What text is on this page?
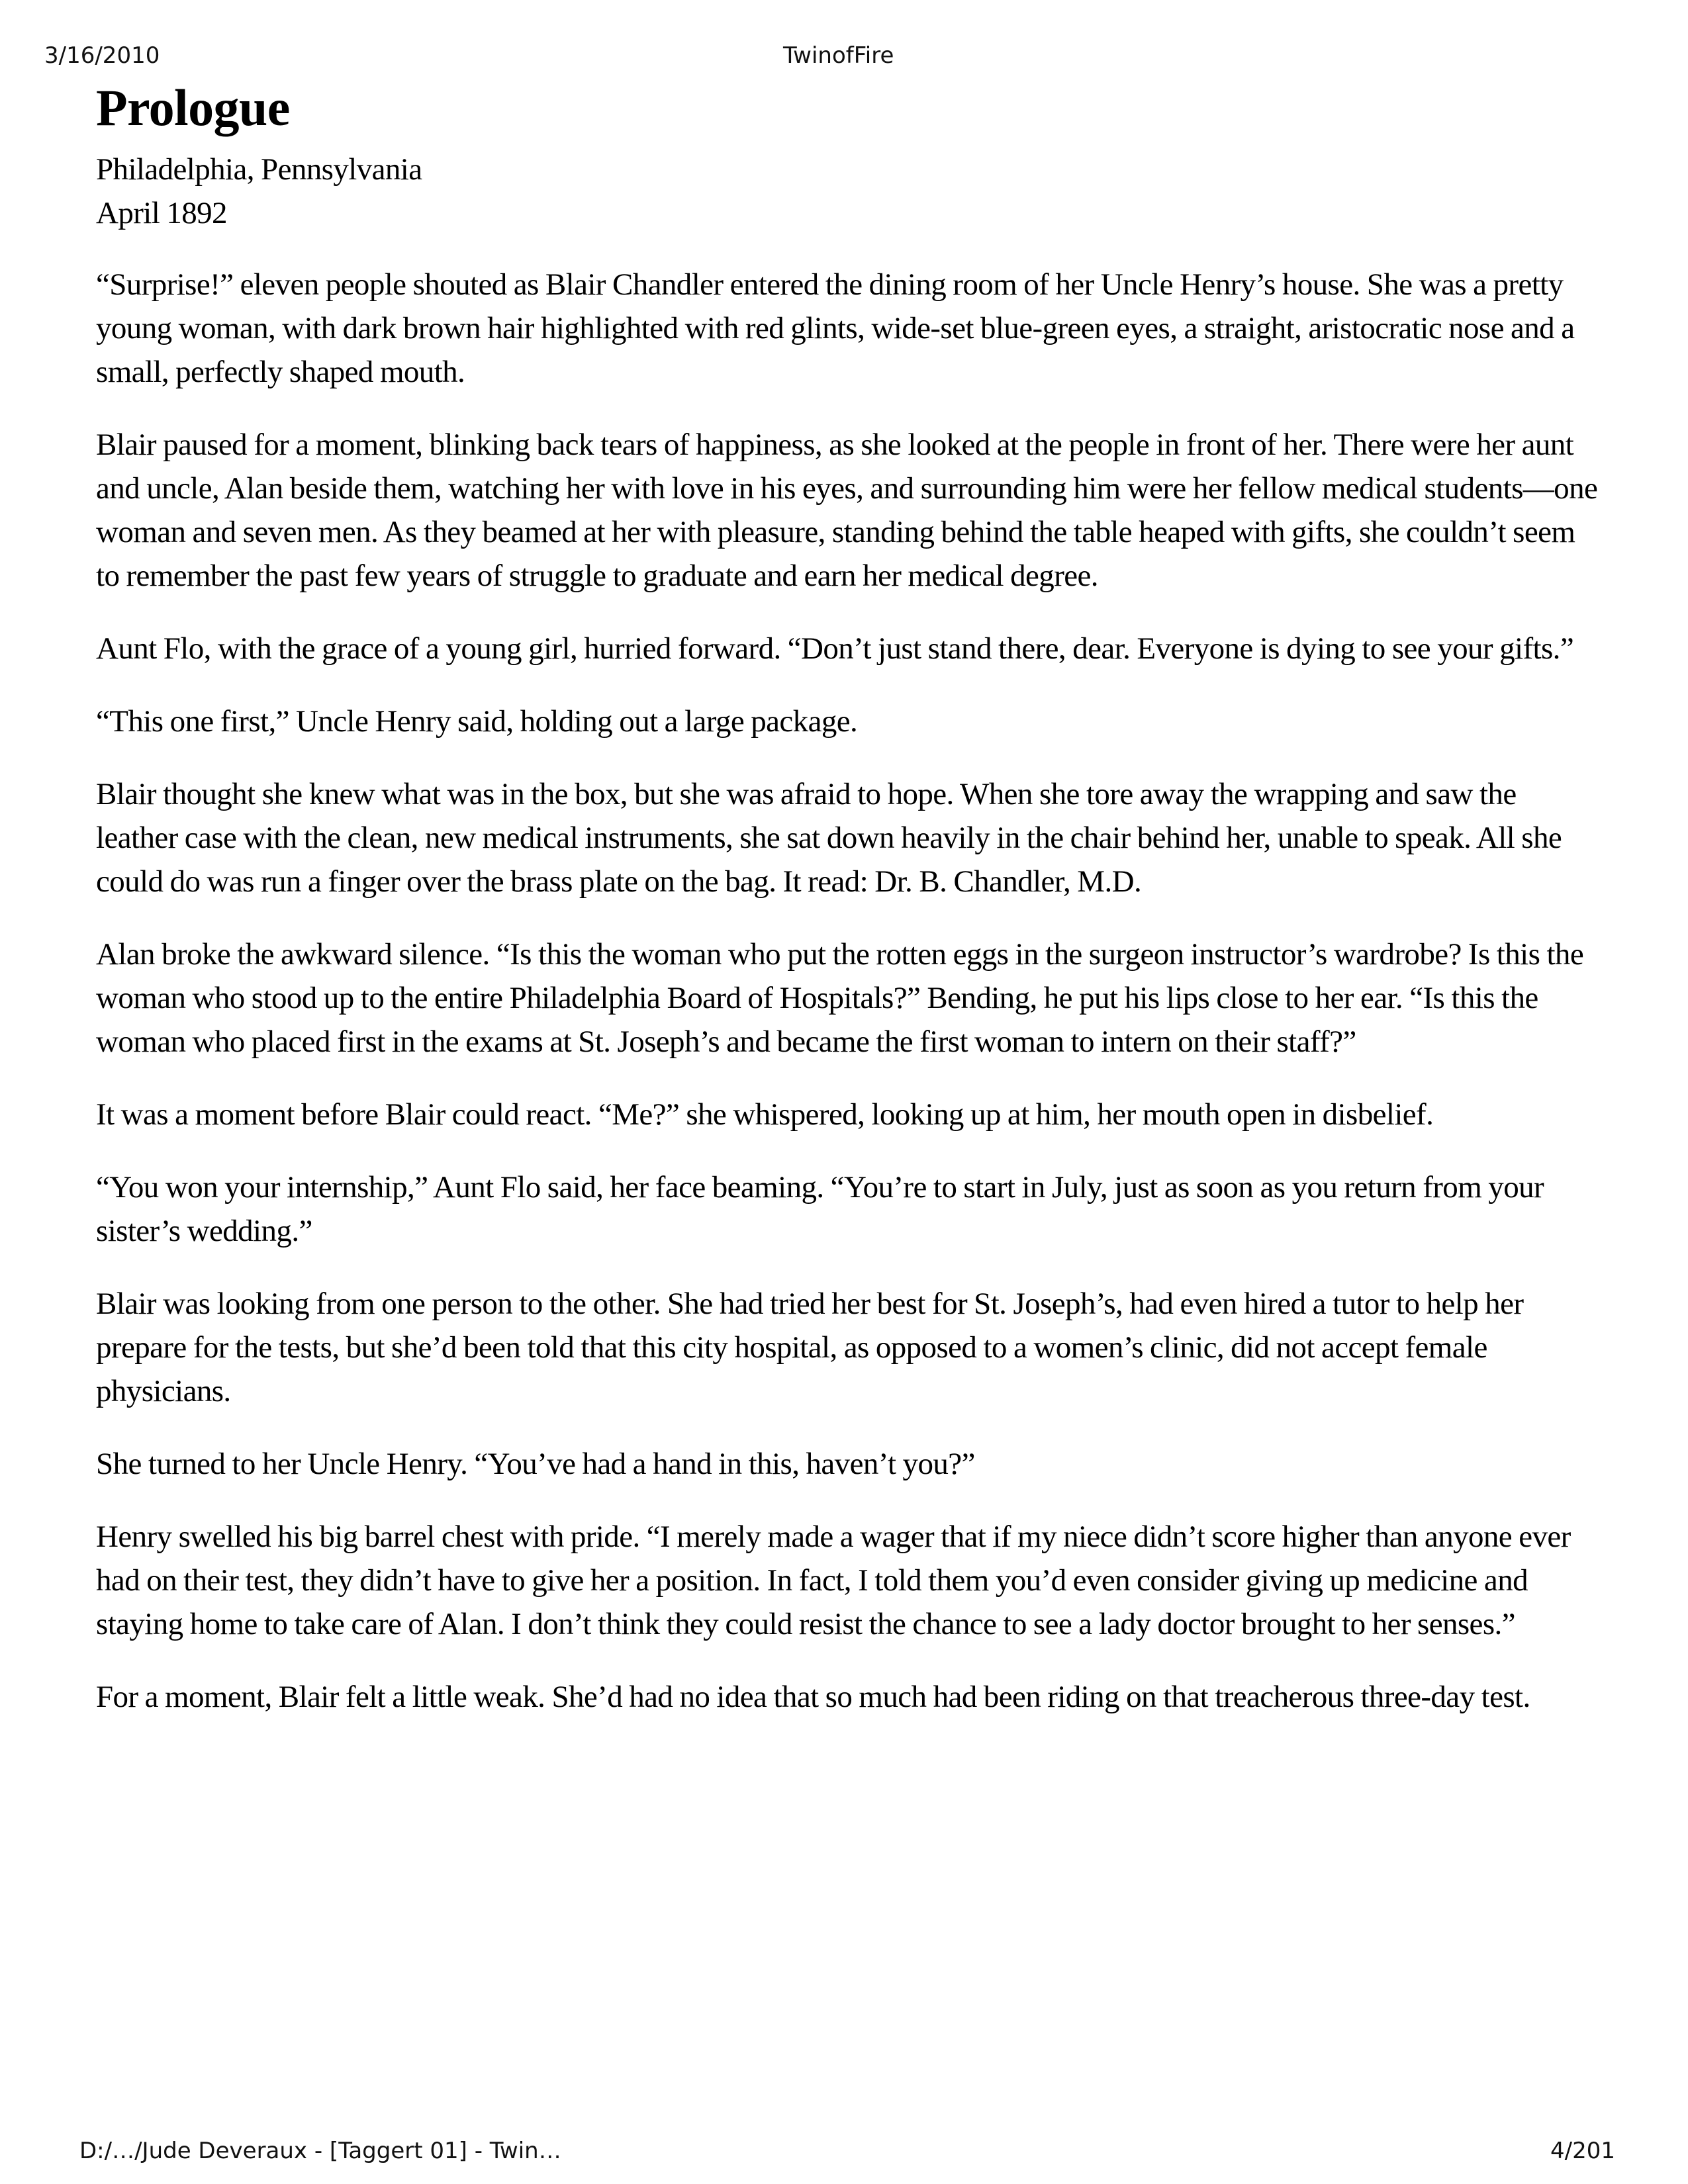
3/16/2010	TwinofFire
Prologue
Philadelphia, Pennsylvania
April 1892

“Surprise!” eleven people shouted as Blair Chandler entered the dining room of her Uncle Henry’s house. She was a pretty young woman, with dark brown hair highlighted with red glints, wide-set blue-green eyes, a straight, aristocratic nose and a small, perfectly shaped mouth.

Blair paused for a moment, blinking back tears of happiness, as she looked at the people in front of her. There were her aunt and uncle, Alan beside them, watching her with love in his eyes, and surrounding him were her fellow medical students—one woman and seven men. As they beamed at her with pleasure, standing behind the table heaped with gifts, she couldn’t seem to remember the past few years of struggle to graduate and earn her medical degree.

Aunt Flo, with the grace of a young girl, hurried forward. “Don’t just stand there, dear. Everyone is dying to see your gifts.”

“This one first,” Uncle Henry said, holding out a large package.

Blair thought she knew what was in the box, but she was afraid to hope. When she tore away the wrapping and saw the leather case with the clean, new medical instruments, she sat down heavily in the chair behind her, unable to speak. All she could do was run a finger over the brass plate on the bag. It read: Dr. B. Chandler, M.D.

Alan broke the awkward silence. “Is this the woman who put the rotten eggs in the surgeon instructor’s wardrobe? Is this the woman who stood up to the entire Philadelphia Board of Hospitals?” Bending, he put his lips close to her ear. “Is this the woman who placed first in the exams at St. Joseph’s and became the first woman to intern on their staff?”

It was a moment before Blair could react. “Me?” she whispered, looking up at him, her mouth open in disbelief.

“You won your internship,” Aunt Flo said, her face beaming. “You’re to start in July, just as soon as you return from your sister’s wedding.”

Blair was looking from one person to the other. She had tried her best for St. Joseph’s, had even hired a tutor to help her prepare for the tests, but she’d been told that this city hospital, as opposed to a women’s clinic, did not accept female physicians.

She turned to her Uncle Henry. “You’ve had a hand in this, haven’t you?”

Henry swelled his big barrel chest with pride. “I merely made a wager that if my niece didn’t score higher than anyone ever had on their test, they didn’t have to give her a position. In fact, I told them you’d even consider giving up medicine and staying home to take care of Alan. I don’t think they could resist the chance to see a lady doctor brought to her senses.”

For a moment, Blair felt a little weak. She’d had no idea that so much had been riding on that treacherous three-day test.

D:/…/Jude Deveraux - [Taggert 01] - Twin…	4/201
